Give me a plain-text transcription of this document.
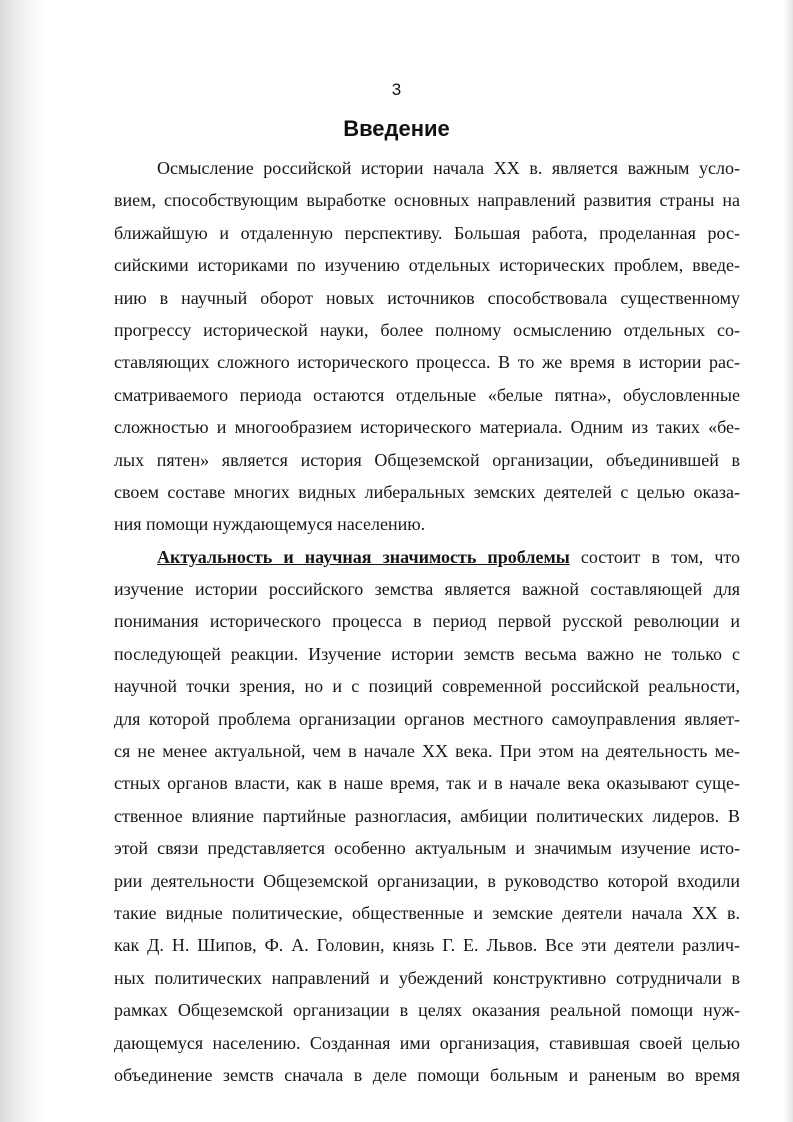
3
Введение
Осмысление российской истории начала XX в. является важным усло-
вием, способствующим выработке основных направлений развития страны на
ближайшую и отдаленную перспективу. Большая работа, проделанная рос-
сийскими историками по изучению отдельных исторических проблем, введе-
нию в научный оборот новых источников способствовала существенному
прогрессу исторической науки, более полному осмыслению отдельных со-
ставляющих сложного исторического процесса. В то же время в истории рас-
сматриваемого периода остаются отдельные «белые пятна», обусловленные
сложностью и многообразием исторического материала. Одним из таких «бе-
лых пятен» является история Общеземской организации, объединившей в
своем составе многих видных либеральных земских деятелей с целью оказа-
ния помощи нуждающемуся населению.
Актуальность и научная значимость проблемы состоит в том, что
изучение истории российского земства является важной составляющей для
понимания исторического процесса в период первой русской революции и
последующей реакции. Изучение истории земств весьма важно не только с
научной точки зрения, но и с позиций современной российской реальности,
для которой проблема организации органов местного самоуправления являет-
ся не менее актуальной, чем в начале XX века. При этом на деятельность ме-
стных органов власти, как в наше время, так и в начале века оказывают суще-
ственное влияние партийные разногласия, амбиции политических лидеров. В
этой связи представляется особенно актуальным и значимым изучение исто-
рии деятельности Общеземской организации, в руководство которой входили
такие видные политические, общественные и земские деятели начала XX в.
как Д. Н. Шипов, Ф. А. Головин, князь Г. Е. Львов. Все эти деятели различ-
ных политических направлений и убеждений конструктивно сотрудничали в
рамках Общеземской организации в целях оказания реальной помощи нуж-
дающемуся населению. Созданная ими организация, ставившая своей целью
объединение земств сначала в деле помощи больным и раненым во время
